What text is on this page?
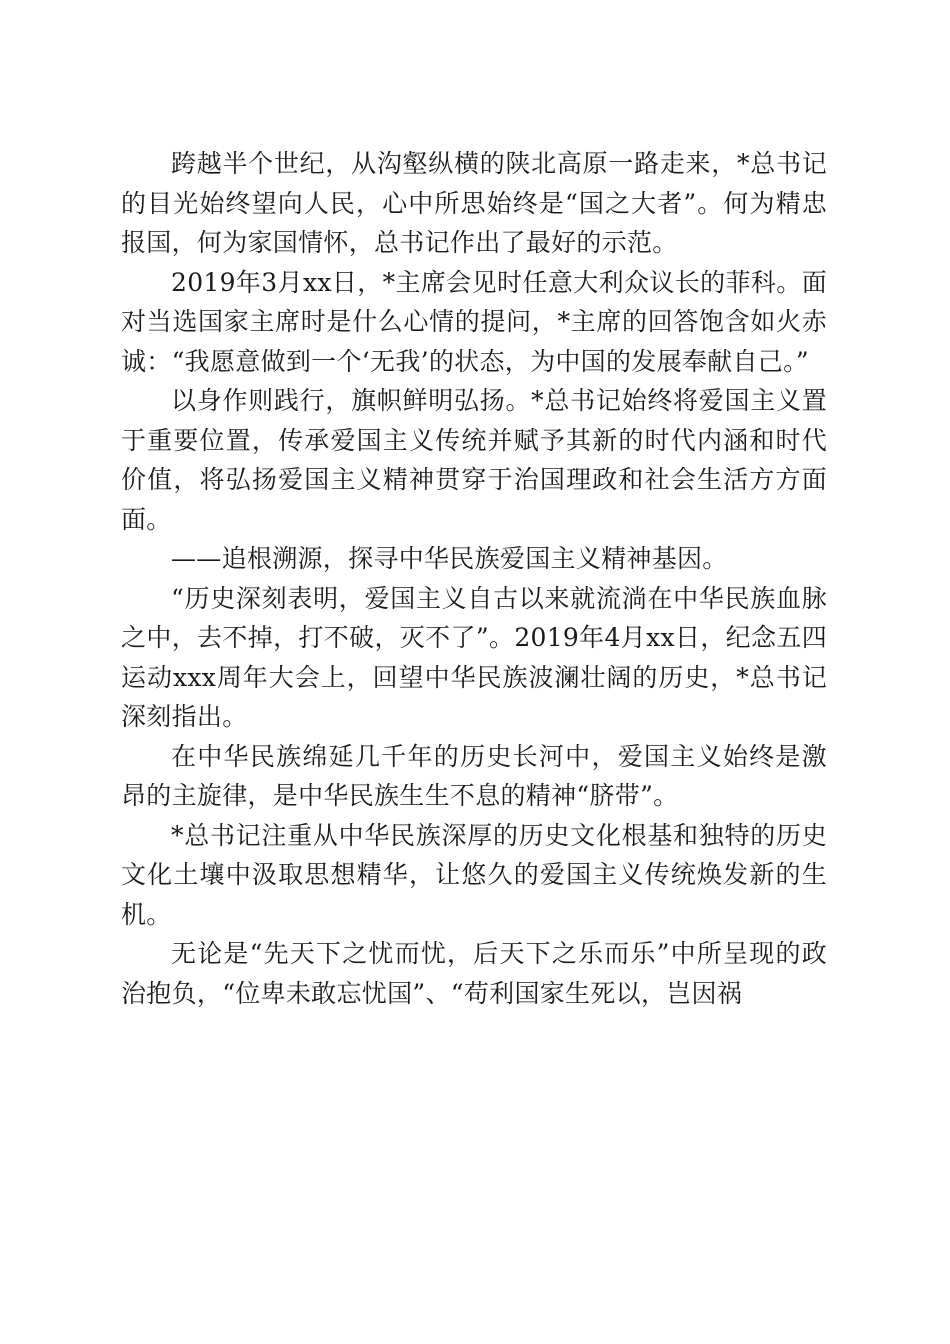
跨越半个世纪，从沟壑纵横的陕北高原一路走来，*总书记的目光始终望向人民，心中所思始终是“国之大者”。何为精忠报国，何为家国情怀，总书记作出了最好的示范。

2019年3月xx日，*主席会见时任意大利众议长的菲科。面对当选国家主席时是什么心情的提问，*主席的回答饱含如火赤诚：“我愿意做到一个‘无我’的状态，为中国的发展奉献自己。”

以身作则践行，旗帜鲜明弘扬。*总书记始终将爱国主义置于重要位置，传承爱国主义传统并赋予其新的时代内涵和时代价值，将弘扬爱国主义精神贯穿于治国理政和社会生活方方面面。

——追根溯源，探寻中华民族爱国主义精神基因。

“历史深刻表明，爱国主义自古以来就流淌在中华民族血脉之中，去不掉，打不破，灭不了”。2019年4月xx日，纪念五四运动xxx周年大会上，回望中华民族波澜壮阔的历史，*总书记深刻指出。

在中华民族绵延几千年的历史长河中，爱国主义始终是激昂的主旋律，是中华民族生生不息的精神“脐带”。

*总书记注重从中华民族深厚的历史文化根基和独特的历史文化土壤中汲取思想精华，让悠久的爱国主义传统焕发新的生机。

无论是“先天下之忧而忧，后天下之乐而乐”中所呈现的政治抱负，“位卑未敢忘忧国”、“苟利国家生死以，岂因祸
